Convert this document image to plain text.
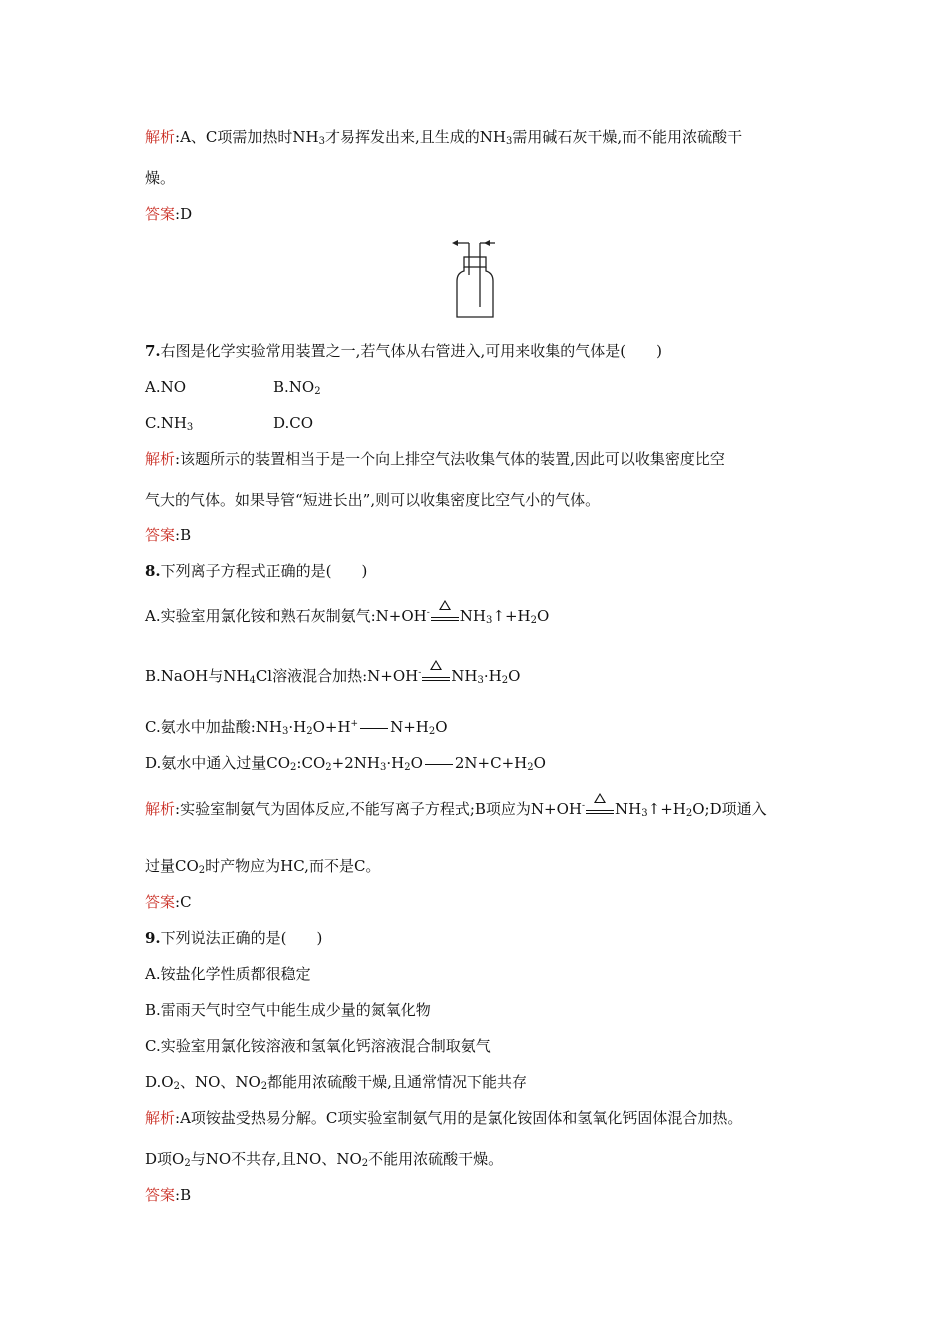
解析:A、C项需加热时$NH_3$才易挥发出来,且生成的$NH_3$需用碱石灰干燥,而不能用浓硫酸干
燥。
答案:D
7.右图是化学实验常用装置之一,若气体从右管进入,可用来收集的气体是(　　)
A.NO	$B.NO_2$
$C.NH_3$	D.CO
解析:该题所示的装置相当于是一个向上排空气法收集气体的装置,因此可以收集密度比空
气大的气体。如果导管“短进长出”,则可以收集密度比空气小的气体。
答案:B
8.下列离子方程式正确的是(　　)
A.实验室用氯化铵和熟石灰制氨气:N+OH- $NH_3↑+H_2O$
B.NaOH与$NH_4Cl$溶液混合加热:N+OH- $NH_3\cdot H_2O$
C.氨水中加盐酸$:NH_3\cdot H_2O+H^+$ $N+H_2O$
D.氨水中通入过量$CO_2:CO_2+2NH_3\cdot H_2O$ $2N+C+H_2O$
解析:实验室制氨气为固体反应,不能写离子方程式;B项应为N+OH- $NH_3↑+H_2O;D$项通入
过量$CO_2$时产物应为HC,而不是C。
答案:C
9.下列说法正确的是(　　)
A.铵盐化学性质都很稳定
B.雷雨天气时空气中能生成少量的氮氧化物
C.实验室用氯化铵溶液和氢氧化钙溶液混合制取氨气
$D.O_2$、NO、$NO_2$都能用浓硫酸干燥,且通常情况下能共存
解析:A项铵盐受热易分解。C项实验室制氨气用的是氯化铵固体和氢氧化钙固体混合加热。
D项$O_2$与NO不共存,且NO、$NO_2$不能用浓硫酸干燥。
答案:B
